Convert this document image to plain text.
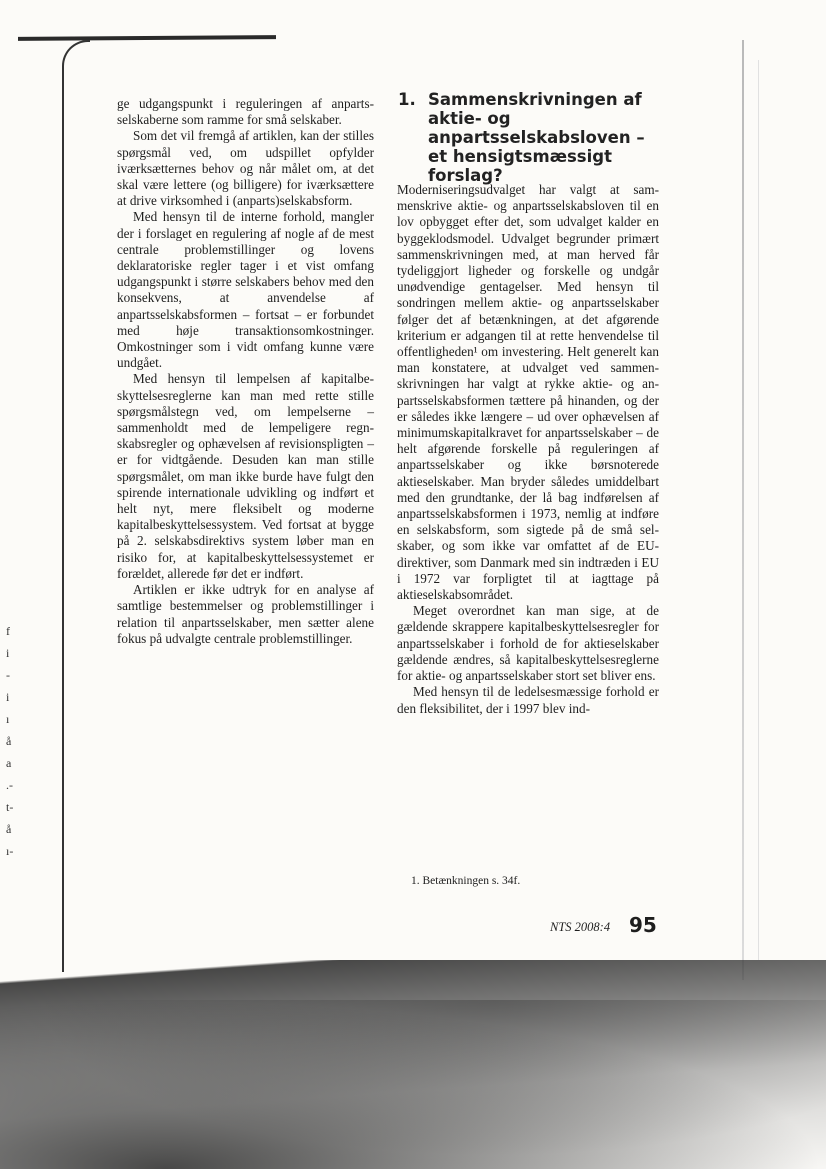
f
i
-
i
ı
å
a
.-
t-
å
ı-

ge udgangspunkt i reguleringen af anpartsselskaberne som ramme for små selskaber.

Som det vil fremgå af artiklen, kan der stilles spørgsmål ved, om udspillet opfylder iværksætternes behov og når målet om, at det skal være lettere (og billigere) for iværksættere at drive virksomhed i (anparts)selskabsform.

Med hensyn til de interne forhold, mangler der i forslaget en regulering af nogle af de mest centrale problemstillinger og lovens deklaratoriske regler tager i et vist omfang udgangspunkt i større selskabers behov med den konsekvens, at anvendelse af anpartsselskabsformen – fortsat – er forbundet med høje transaktionsomkostninger. Omkostninger som i vidt omfang kunne være undgået.

Med hensyn til lempelsen af kapitalbeskyttelsesreglerne kan man med rette stille spørgsmålstegn ved, om lempelserne – sammenholdt med de lempeligere regnskabsregler og ophævelsen af revisionspligten – er for vidtgående. Desuden kan man stille spørgsmålet, om man ikke burde have fulgt den spirende internationale udvikling og indført et helt nyt, mere fleksibelt og moderne kapitalbeskyttelsessystem. Ved fortsat at bygge på 2. selskabsdirektivs system løber man en risiko for, at kapitalbeskyttelsessystemet er forældet, allerede før det er indført.

Artiklen er ikke udtryk for en analyse af samtlige bestemmelser og problemstillinger i relation til anpartsselskaber, men sætter alene fokus på udvalgte centrale problemstillinger.

1. Sammenskrivningen af aktie- og anpartsselskabsloven – et hensigtsmæssigt forslag?

Moderniseringsudvalget har valgt at sammenskrive aktie- og anpartsselskabsloven til en lov opbygget efter det, som udvalget kalder en byggeklodsmodel. Udvalget begrunder primært sammenskrivningen med, at man herved får tydeliggjort ligheder og forskelle og undgår unødvendige gentagelser. Med hensyn til sondringen mellem aktie- og anpartsselskaber følger det af betænkningen, at det afgørende kriterium er adgangen til at rette henvendelse til offentligheden¹ om investering. Helt generelt kan man konstatere, at udvalget ved sammenskrivningen har valgt at rykke aktie- og anpartsselskabsformen tættere på hinanden, og der er således ikke længere – ud over ophævelsen af minimumskapitalkravet for anpartsselskaber – de helt afgørende forskelle på reguleringen af anpartsselskaber og ikke børsnoterede aktieselskaber. Man bryder således umiddelbart med den grundtanke, der lå bag indførelsen af anpartsselskabsformen i 1973, nemlig at indføre en selskabsform, som sigtede på de små selskaber, og som ikke var omfattet af de EU-direktiver, som Danmark med sin indtræden i EU i 1972 var forpligtet til at iagttage på aktieselskabsområdet.

Meget overordnet kan man sige, at de gældende skrappere kapitalbeskyttelsesregler for anpartsselskaber i forhold de for aktieselskaber gældende ændres, så kapitalbeskyttelsesreglerne for aktie- og anpartsselskaber stort set bliver ens.

Med hensyn til de ledelsesmæssige forhold er den fleksibilitet, der i 1997 blev ind-

1. Betænkningen s. 34f.
NTS 2008:4 95
